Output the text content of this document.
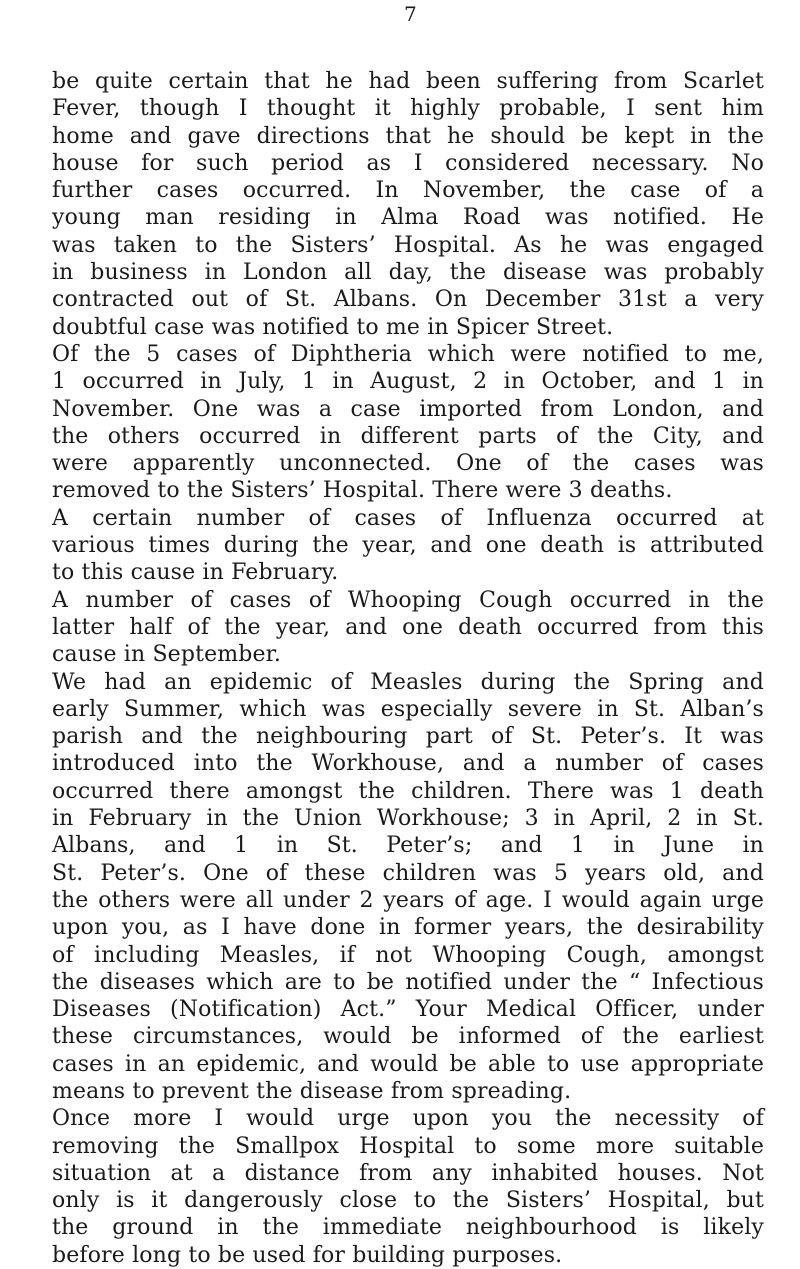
7
be quite certain that he had been suffering from Scarlet
Fever, though I thought it highly probable, I sent him
home and gave directions that he should be kept in the
house for such period as I considered necessary. No
further cases occurred. In November, the case of a
young man residing in Alma Road was notified. He
was taken to the Sisters’ Hospital. As he was engaged
in business in London all day, the disease was probably
contracted out of St. Albans. On December 31st a very
doubtful case was notified to me in Spicer Street.
Of the 5 cases of Diphtheria which were notified to me,
1 occurred in July, 1 in August, 2 in October, and 1 in
November. One was a case imported from London, and
the others occurred in different parts of the City, and
were apparently unconnected. One of the cases was
removed to the Sisters’ Hospital. There were 3 deaths.
A certain number of cases of Influenza occurred at
various times during the year, and one death is attributed
to this cause in February.
A number of cases of Whooping Cough occurred in the
latter half of the year, and one death occurred from this
cause in September.
We had an epidemic of Measles during the Spring and
early Summer, which was especially severe in St. Alban’s
parish and the neighbouring part of St. Peter’s. It was
introduced into the Workhouse, and a number of cases
occurred there amongst the children. There was 1 death
in February in the Union Workhouse; 3 in April, 2 in St.
Albans, and 1 in St. Peter’s; and 1 in June in
St. Peter’s. One of these children was 5 years old, and
the others were all under 2 years of age. I would again urge
upon you, as I have done in former years, the desirability
of including Measles, if not Whooping Cough, amongst
the diseases which are to be notified under the “ Infectious
Diseases (Notification) Act.” Your Medical Officer, under
these circumstances, would be informed of the earliest
cases in an epidemic, and would be able to use appropriate
means to prevent the disease from spreading.
Once more I would urge upon you the necessity of
removing the Smallpox Hospital to some more suitable
situation at a distance from any inhabited houses. Not
only is it dangerously close to the Sisters’ Hospital, but
the ground in the immediate neighbourhood is likely
before long to be used for building purposes.
